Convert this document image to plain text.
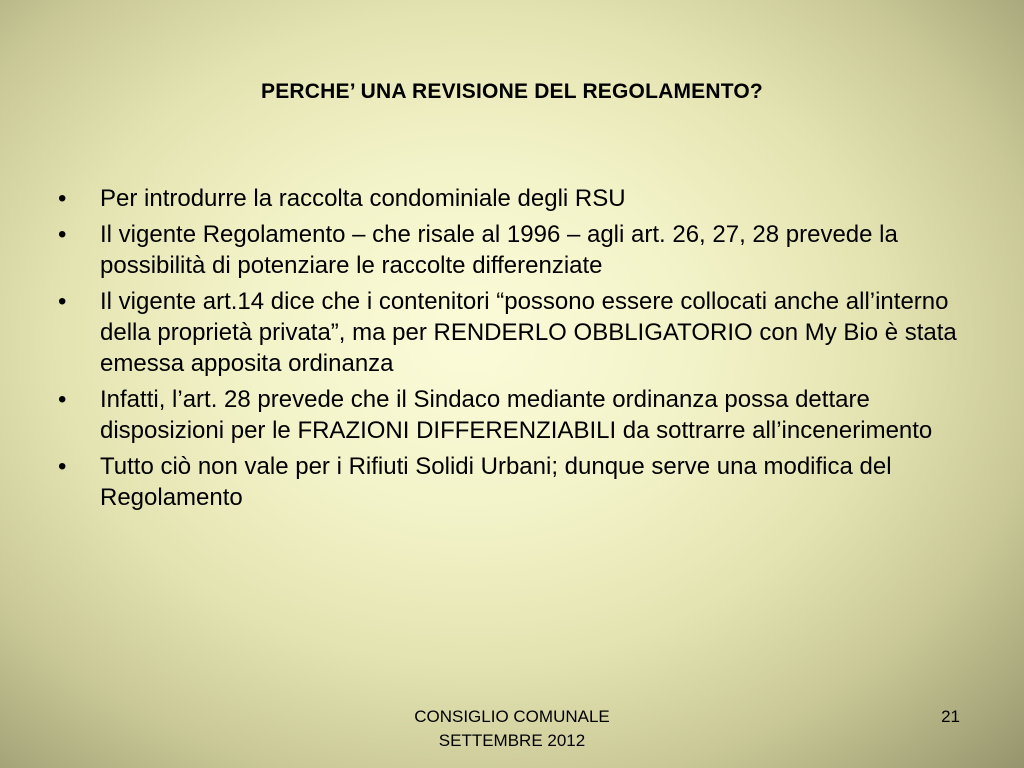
PERCHE’ UNA REVISIONE DEL REGOLAMENTO?
•	Per introdurre la raccolta condominiale degli RSU
•	Il vigente Regolamento – che risale al 1996 – agli art. 26, 27, 28 prevede la possibilità di potenziare le raccolte differenziate
•	Il vigente art.14 dice che i contenitori “possono essere collocati anche all’interno della proprietà privata”, ma per RENDERLO OBBLIGATORIO con My Bio è stata emessa apposita ordinanza
•	Infatti, l’art. 28 prevede che il Sindaco mediante ordinanza possa dettare disposizioni per le FRAZIONI DIFFERENZIABILI da sottrarre all’incenerimento
•	Tutto ciò non vale per i Rifiuti Solidi Urbani; dunque serve una modifica del Regolamento
CONSIGLIO COMUNALE
SETTEMBRE 2012
21
